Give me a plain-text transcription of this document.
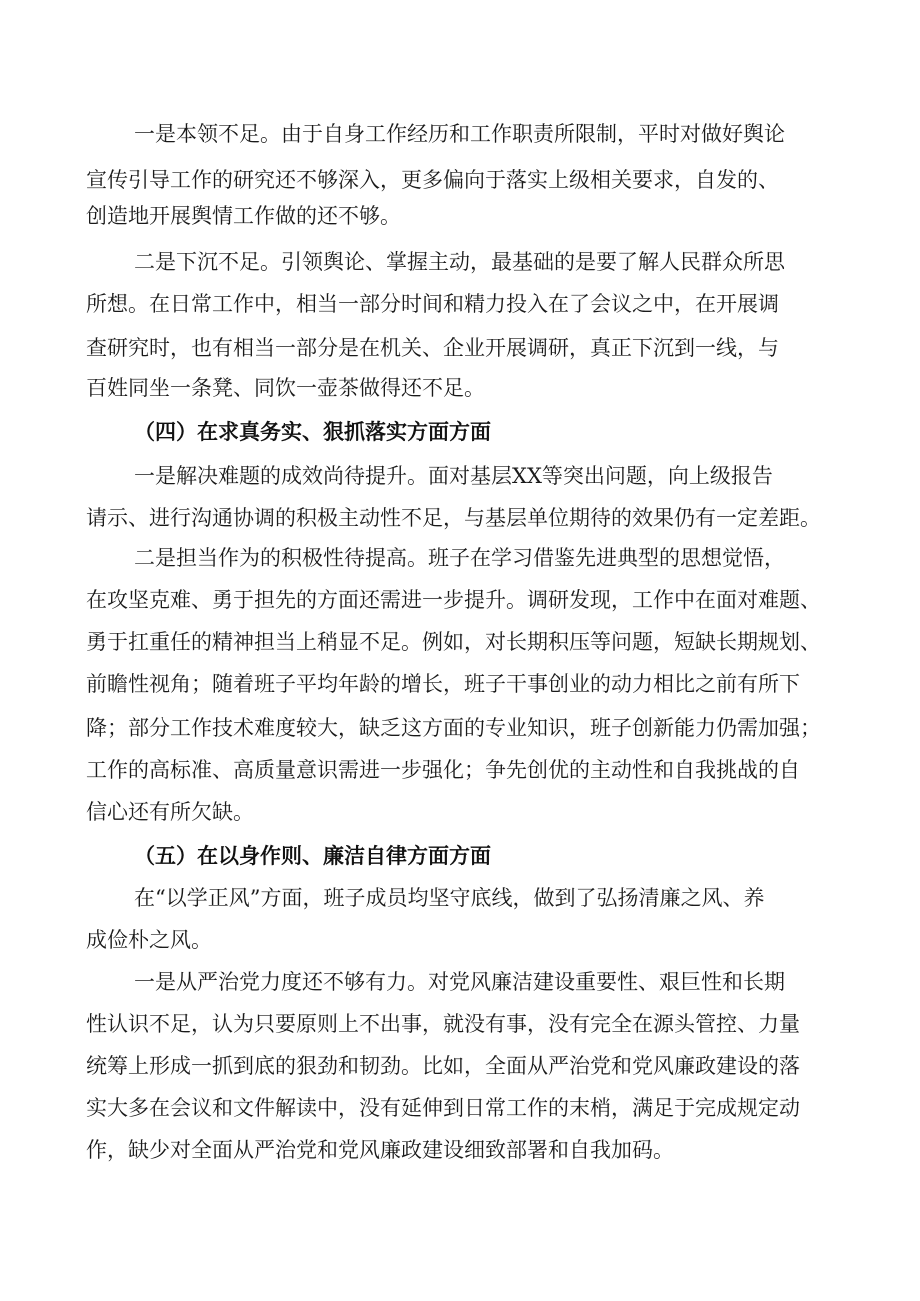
一是本领不足。由于自身工作经历和工作职责所限制，平时对做好舆论
宣传引导工作的研究还不够深入，更多偏向于落实上级相关要求，自发的、
创造地开展舆情工作做的还不够。
二是下沉不足。引领舆论、掌握主动，最基础的是要了解人民群众所思
所想。在日常工作中，相当一部分时间和精力投入在了会议之中，在开展调
查研究时，也有相当一部分是在机关、企业开展调研，真正下沉到一线，与
百姓同坐一条凳、同饮一壶茶做得还不足。
（四）在求真务实、狠抓落实方面方面
一是解决难题的成效尚待提升。面对基层XX等突出问题，向上级报告
请示、进行沟通协调的积极主动性不足，与基层单位期待的效果仍有一定差距。
二是担当作为的积极性待提高。班子在学习借鉴先进典型的思想觉悟，
在攻坚克难、勇于担先的方面还需进一步提升。调研发现，工作中在面对难题、
勇于扛重任的精神担当上稍显不足。例如，对长期积压等问题，短缺长期规划、
前瞻性视角；随着班子平均年龄的增长，班子干事创业的动力相比之前有所下
降；部分工作技术难度较大，缺乏这方面的专业知识，班子创新能力仍需加强；
工作的高标准、高质量意识需进一步强化；争先创优的主动性和自我挑战的自
信心还有所欠缺。
（五）在以身作则、廉洁自律方面方面
在“以学正风”方面，班子成员均坚守底线，做到了弘扬清廉之风、养
成俭朴之风。
一是从严治党力度还不够有力。对党风廉洁建设重要性、艰巨性和长期
性认识不足，认为只要原则上不出事，就没有事，没有完全在源头管控、力量
统筹上形成一抓到底的狠劲和韧劲。比如，全面从严治党和党风廉政建设的落
实大多在会议和文件解读中，没有延伸到日常工作的末梢，满足于完成规定动
作，缺少对全面从严治党和党风廉政建设细致部署和自我加码。
